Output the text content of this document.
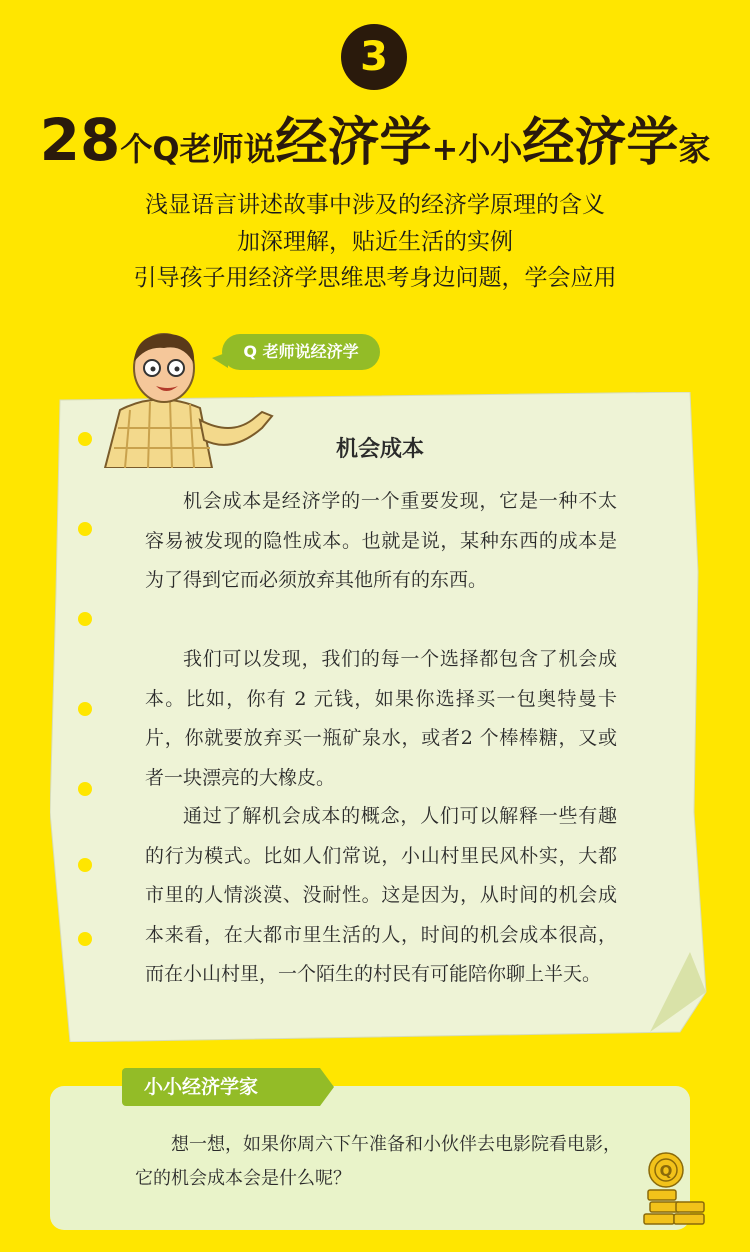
3
28个Q老师说经济学+小小经济学家
浅显语言讲述故事中涉及的经济学原理的含义
加深理解，贴近生活的实例
引导孩子用经济学思维思考身边问题，学会应用
Q 老师说经济学
机会成本

机会成本是经济学的一个重要发现，它是一种不太容易被发现的隐性成本。也就是说，某种东西的成本是为了得到它而必须放弃其他所有的东西。

我们可以发现，我们的每一个选择都包含了机会成本。比如，你有 2 元钱，如果你选择买一包奥特曼卡片，你就要放弃买一瓶矿泉水，或者2 个棒棒糖，又或者一块漂亮的大橡皮。

通过了解机会成本的概念，人们可以解释一些有趣的行为模式。比如人们常说，小山村里民风朴实，大都市里的人情淡漠、没耐性。这是因为，从时间的机会成本来看，在大都市里生活的人，时间的机会成本很高，而在小山村里，一个陌生的村民有可能陪你聊上半天。

小小经济学家

想一想，如果你周六下午准备和小伙伴去电影院看电影，它的机会成本会是什么呢？	Q
